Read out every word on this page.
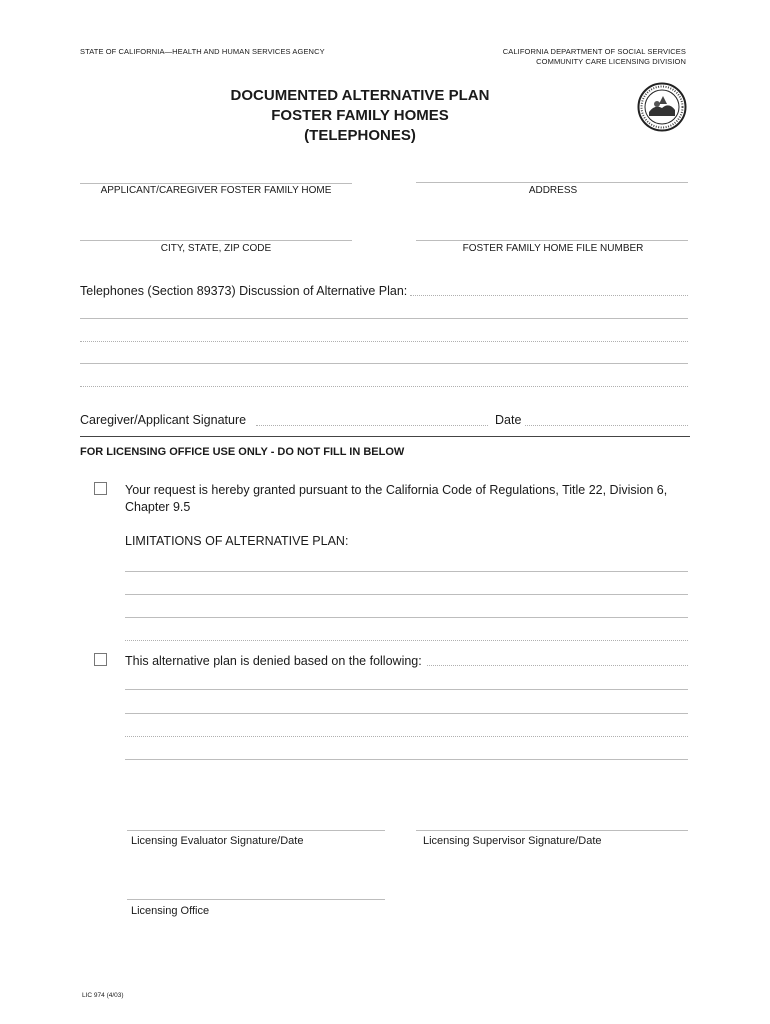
STATE OF CALIFORNIA—HEALTH AND HUMAN SERVICES AGENCY	CALIFORNIA DEPARTMENT OF SOCIAL SERVICES
COMMUNITY CARE LICENSING DIVISION
DOCUMENTED ALTERNATIVE PLAN
FOSTER FAMILY HOMES
(TELEPHONES)
APPLICANT/CAREGIVER FOSTER FAMILY HOME	ADDRESS
CITY, STATE, ZIP CODE	FOSTER FAMILY HOME FILE NUMBER
Telephones (Section 89373) Discussion of Alternative Plan:
Caregiver/Applicant Signature	Date
FOR LICENSING OFFICE USE ONLY - DO NOT FILL IN BELOW
Your request is hereby granted pursuant to the California Code of Regulations, Title 22, Division 6,
Chapter 9.5
LIMITATIONS OF ALTERNATIVE PLAN:
This alternative plan is denied based on the following:
Licensing Evaluator Signature/Date	Licensing Supervisor Signature/Date
Licensing Office
LIC 974 (4/03)
